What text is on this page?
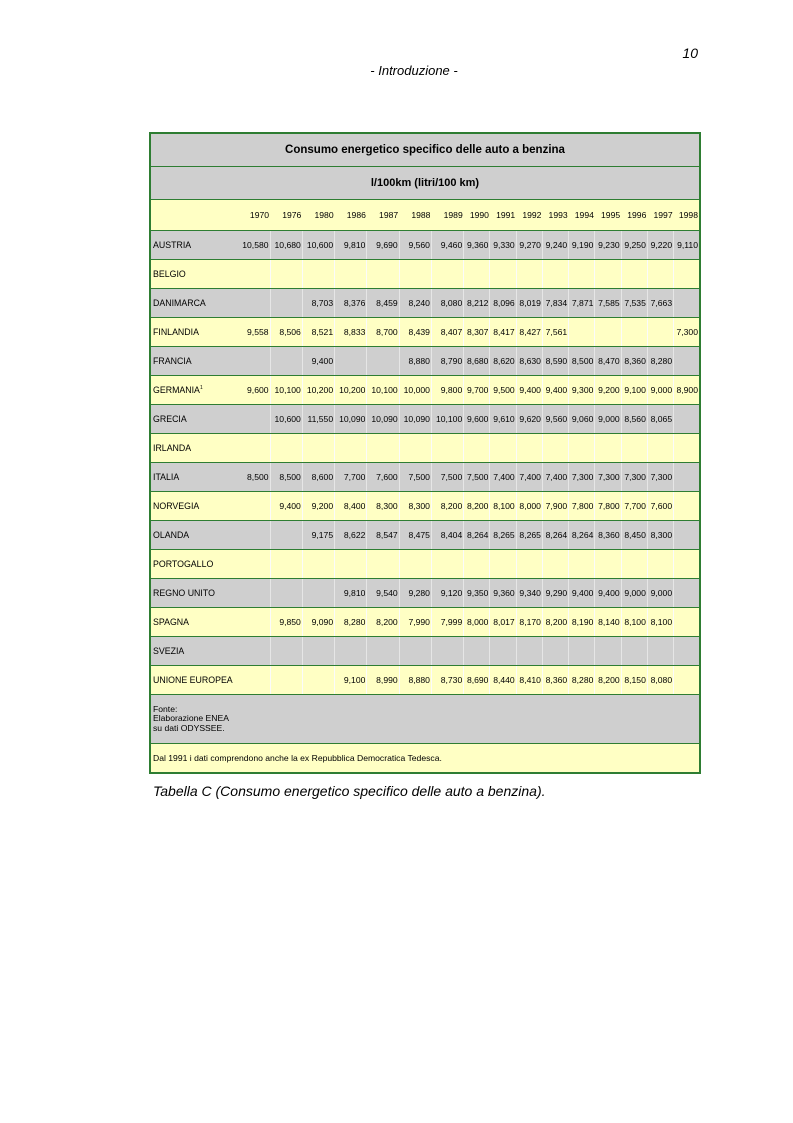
10
- Introduzione -
Consumo energetico specifico delle auto a benzina																
l/100km (litri/100 km)																
	1970	1976	1980	1986	1987	1988	1989	1990	1991	1992	1993	1994	1995	1996	1997	1998
AUSTRIA	10,580	10,680	10,600	9,810	9,690	9,560	9,460	9,360	9,330	9,270	9,240	9,190	9,230	9,250	9,220	9,110
BELGIO																
DANIMARCA			8,703	8,376	8,459	8,240	8,080	8,212	8,096	8,019	7,834	7,871	7,585	7,535	7,663	
FINLANDIA	9,558	8,506	8,521	8,833	8,700	8,439	8,407	8,307	8,417	8,427	7,561					7,300
FRANCIA			9,400			8,880	8,790	8,680	8,620	8,630	8,590	8,500	8,470	8,360	8,280	
GERMANIA$^1$	9,600	10,100	10,200	10,200	10,100	10,000	9,800	9,700	9,500	9,400	9,400	9,300	9,200	9,100	9,000	8,900
GRECIA		10,600	11,550	10,090	10,090	10,090	10,100	9,600	9,610	9,620	9,560	9,060	9,000	8,560	8,065	
IRLANDA																
ITALIA	8,500	8,500	8,600	7,700	7,600	7,500	7,500	7,500	7,400	7,400	7,400	7,300	7,300	7,300	7,300	
NORVEGIA		9,400	9,200	8,400	8,300	8,300	8,200	8,200	8,100	8,000	7,900	7,800	7,800	7,700	7,600	
OLANDA			9,175	8,622	8,547	8,475	8,404	8,264	8,265	8,265	8,264	8,264	8,360	8,450	8,300	
PORTOGALLO																
REGNO UNITO				9,810	9,540	9,280	9,120	9,350	9,360	9,340	9,290	9,400	9,400	9,000	9,000	
SPAGNA		9,850	9,090	8,280	8,200	7,990	7,999	8,000	8,017	8,170	8,200	8,190	8,140	8,100	8,100	
SVEZIA																
UNIONE EUROPEA				9,100	8,990	8,880	8,730	8,690	8,440	8,410	8,360	8,280	8,200	8,150	8,080	

Fonte:
Elaborazione ENEA
su dati ODYSSEE.																

Dal 1991 i dati comprendono anche la ex Repubblica Democratica Tedesca.																
Tabella C (Consumo energetico specifico delle auto a benzina).
